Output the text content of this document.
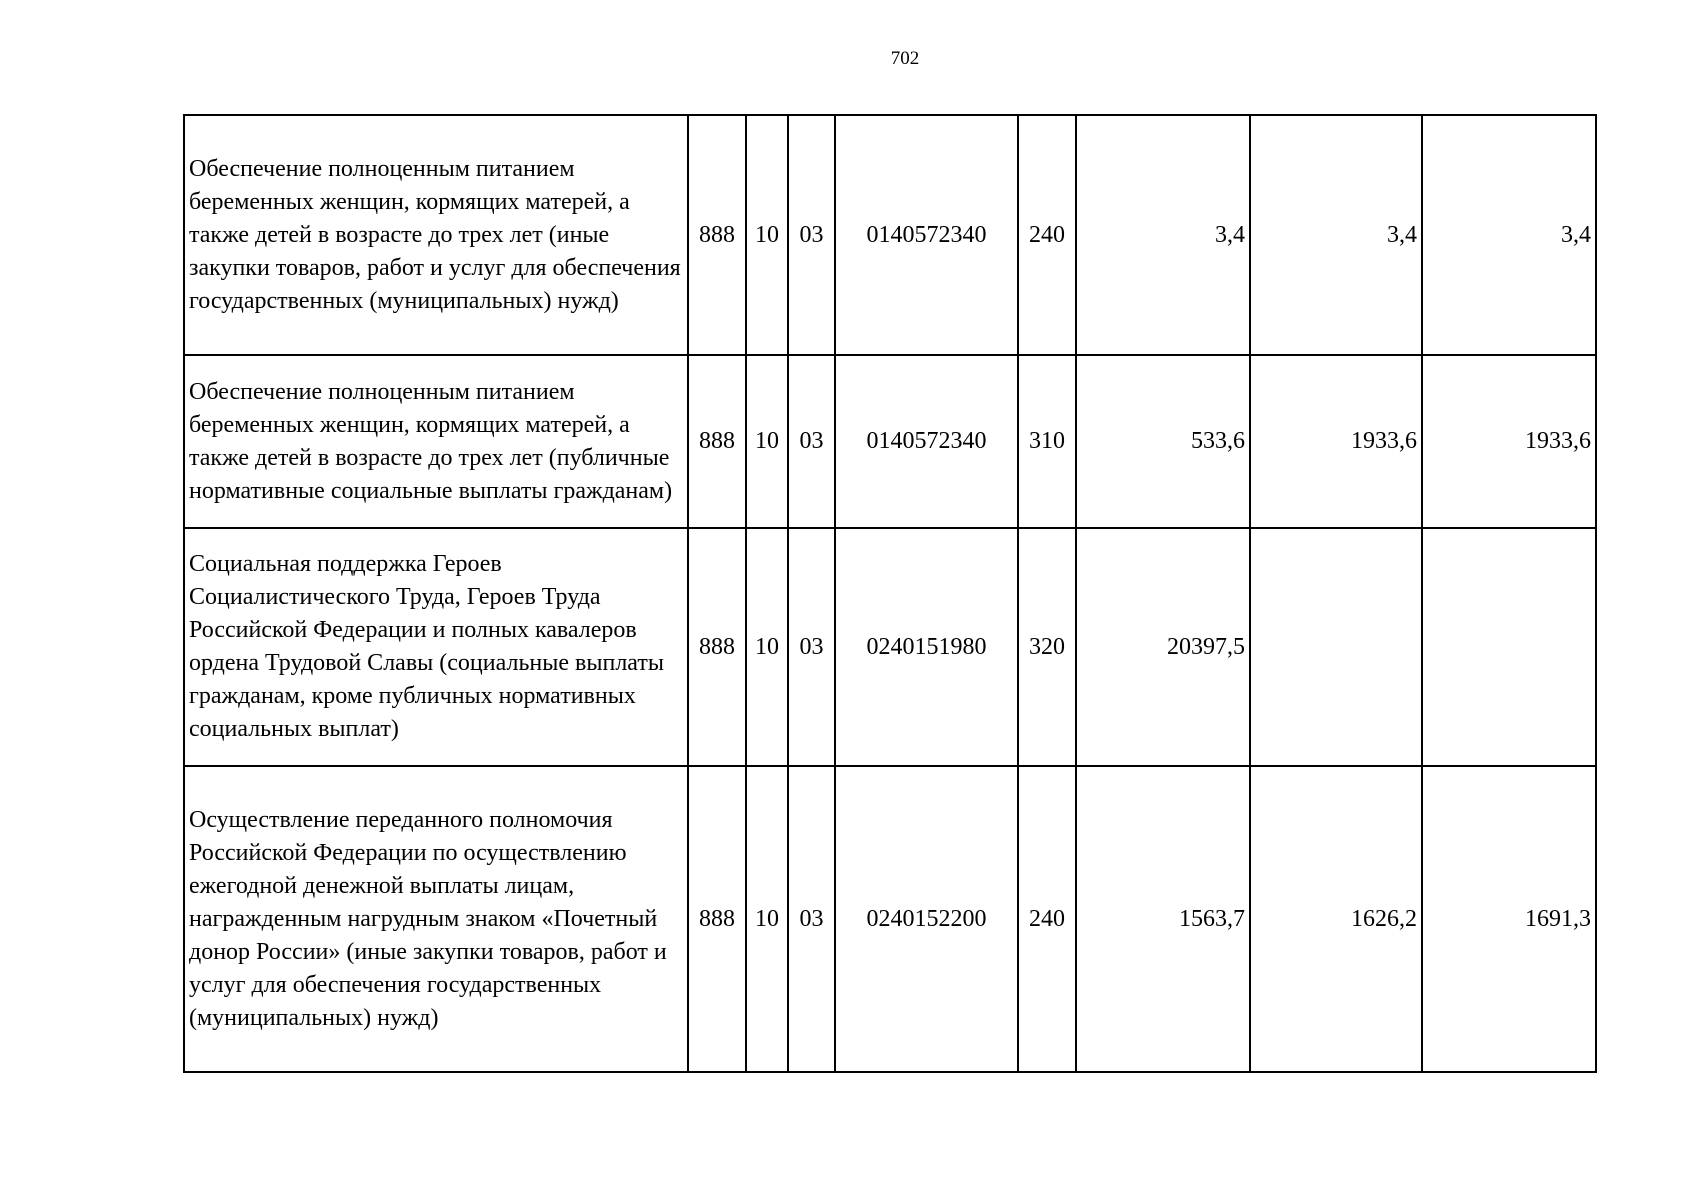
702
Обеспечение полноценным питанием беременных женщин, кормящих матерей, а также детей в возрасте до трех лет (иные закупки товаров, работ и услуг для обеспечения государственных (муниципальных) нужд)	888	10	03	0140572340	240	3,4	3,4	3,4
Обеспечение полноценным питанием беременных женщин, кормящих матерей, а также детей в возрасте до трех лет (публичные нормативные социальные выплаты гражданам)	888	10	03	0140572340	310	533,6	1933,6	1933,6
Социальная поддержка Героев Социалистического Труда, Героев Труда Российской Федерации и полных кавалеров ордена Трудовой Славы (социальные выплаты гражданам, кроме публичных нормативных социальных выплат)	888	10	03	0240151980	320	20397,5		
Осуществление переданного полномочия Российской Федерации по осуществлению ежегодной денежной выплаты лицам, награжденным нагрудным знаком «Почетный донор России» (иные закупки товаров, работ и услуг для обеспечения государственных (муниципальных) нужд)	888	10	03	0240152200	240	1563,7	1626,2	1691,3
